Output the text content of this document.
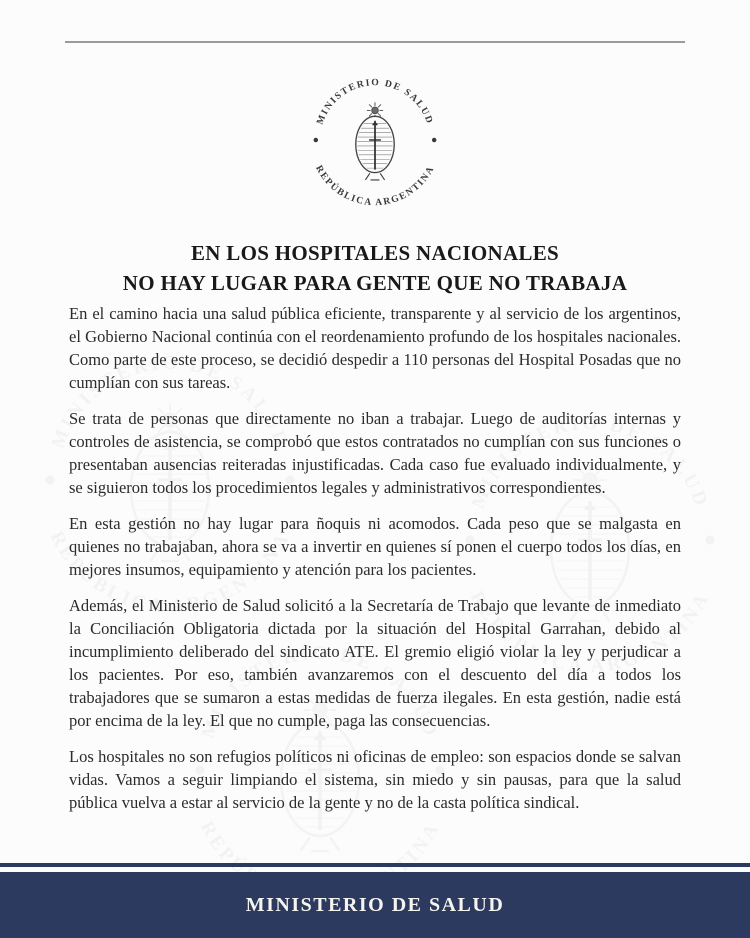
MINISTERIO DE SALUD
REPÚBLICA ARGENTINA
EN LOS HOSPITALES NACIONALES
NO HAY LUGAR PARA GENTE QUE NO TRABAJA

En el camino hacia una salud pública eficiente, transparente y al servicio de los argentinos, el Gobierno Nacional continúa con el reordenamiento profundo de los hospitales nacionales. Como parte de este proceso, se decidió despedir a 110 personas del Hospital Posadas que no cumplían con sus tareas.

Se trata de personas que directamente no iban a trabajar. Luego de auditorías internas y controles de asistencia, se comprobó que estos contratados no cumplían con sus funciones o presentaban ausencias reiteradas injustificadas. Cada caso fue evaluado individualmente, y se siguieron todos los procedimientos legales y administrativos correspondientes.

En esta gestión no hay lugar para ñoquis ni acomodos. Cada peso que se malgasta en quienes no trabajaban, ahora se va a invertir en quienes sí ponen el cuerpo todos los días, en mejores insumos, equipamiento y atención para los pacientes.

Además, el Ministerio de Salud solicitó a la Secretaría de Trabajo que levante de inmediato la Conciliación Obligatoria dictada por la situación del Hospital Garrahan, debido al incumplimiento deliberado del sindicato ATE. El gremio eligió violar la ley y perjudicar a los pacientes. Por eso, también avanzaremos con el descuento del día a todos los trabajadores que se sumaron a estas medidas de fuerza ilegales. En esta gestión, nadie está por encima de la ley. El que no cumple, paga las consecuencias.

Los hospitales no son refugios políticos ni oficinas de empleo: son espacios donde se salvan vidas. Vamos a seguir limpiando el sistema, sin miedo y sin pausas, para que la salud pública vuelva a estar al servicio de la gente y no de la casta política sindical.

MINISTERIO DE SALUD
